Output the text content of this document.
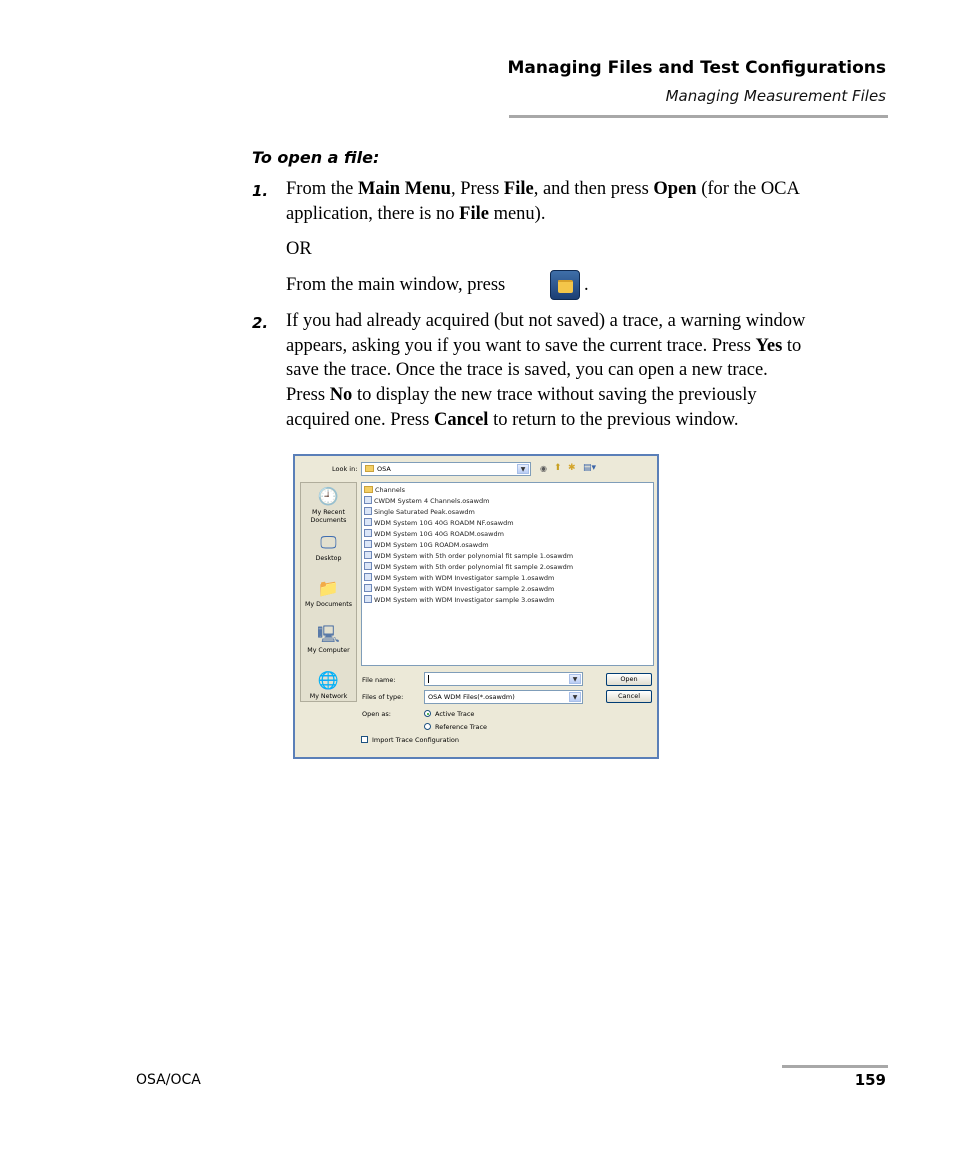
Managing Files and Test Configurations
Managing Measurement Files
To open a file:
1. From the Main Menu, Press File, and then press Open (for the OCA
application, there is no File menu).
OR
From the main window, press	.
2. If you had already acquired (but not saved) a trace, a warning window
appears, asking you if you want to save the current trace. Press Yes to
save the trace. Once the trace is saved, you can open a new trace.
Press No to display the new trace without saving the previously
acquired one. Press Cancel to return to the previous window.
Look in:	OSA	▼	◉ ⬆ ✱ ▤▾
🕘
My Recent Documents
🖵
Desktop
📁
My Documents
🖳
My Computer
🌐
My Network
Channels
CWDM System 4 Channels.osawdm
Single Saturated Peak.osawdm
WDM System 10G 40G ROADM NF.osawdm
WDM System 10G 40G ROADM.osawdm
WDM System 10G ROADM.osawdm
WDM System with 5th order polynomial fit sample 1.osawdm
WDM System with 5th order polynomial fit sample 2.osawdm
WDM System with WDM Investigator sample 1.osawdm
WDM System with WDM Investigator sample 2.osawdm
WDM System with WDM Investigator sample 3.osawdm
File name:	▼	Open
Files of type:	OSA WDM Files(*.osawdm)	▼	Cancel
Open as:	Active Trace
Reference Trace
Import Trace Configuration
OSA/OCA	159
